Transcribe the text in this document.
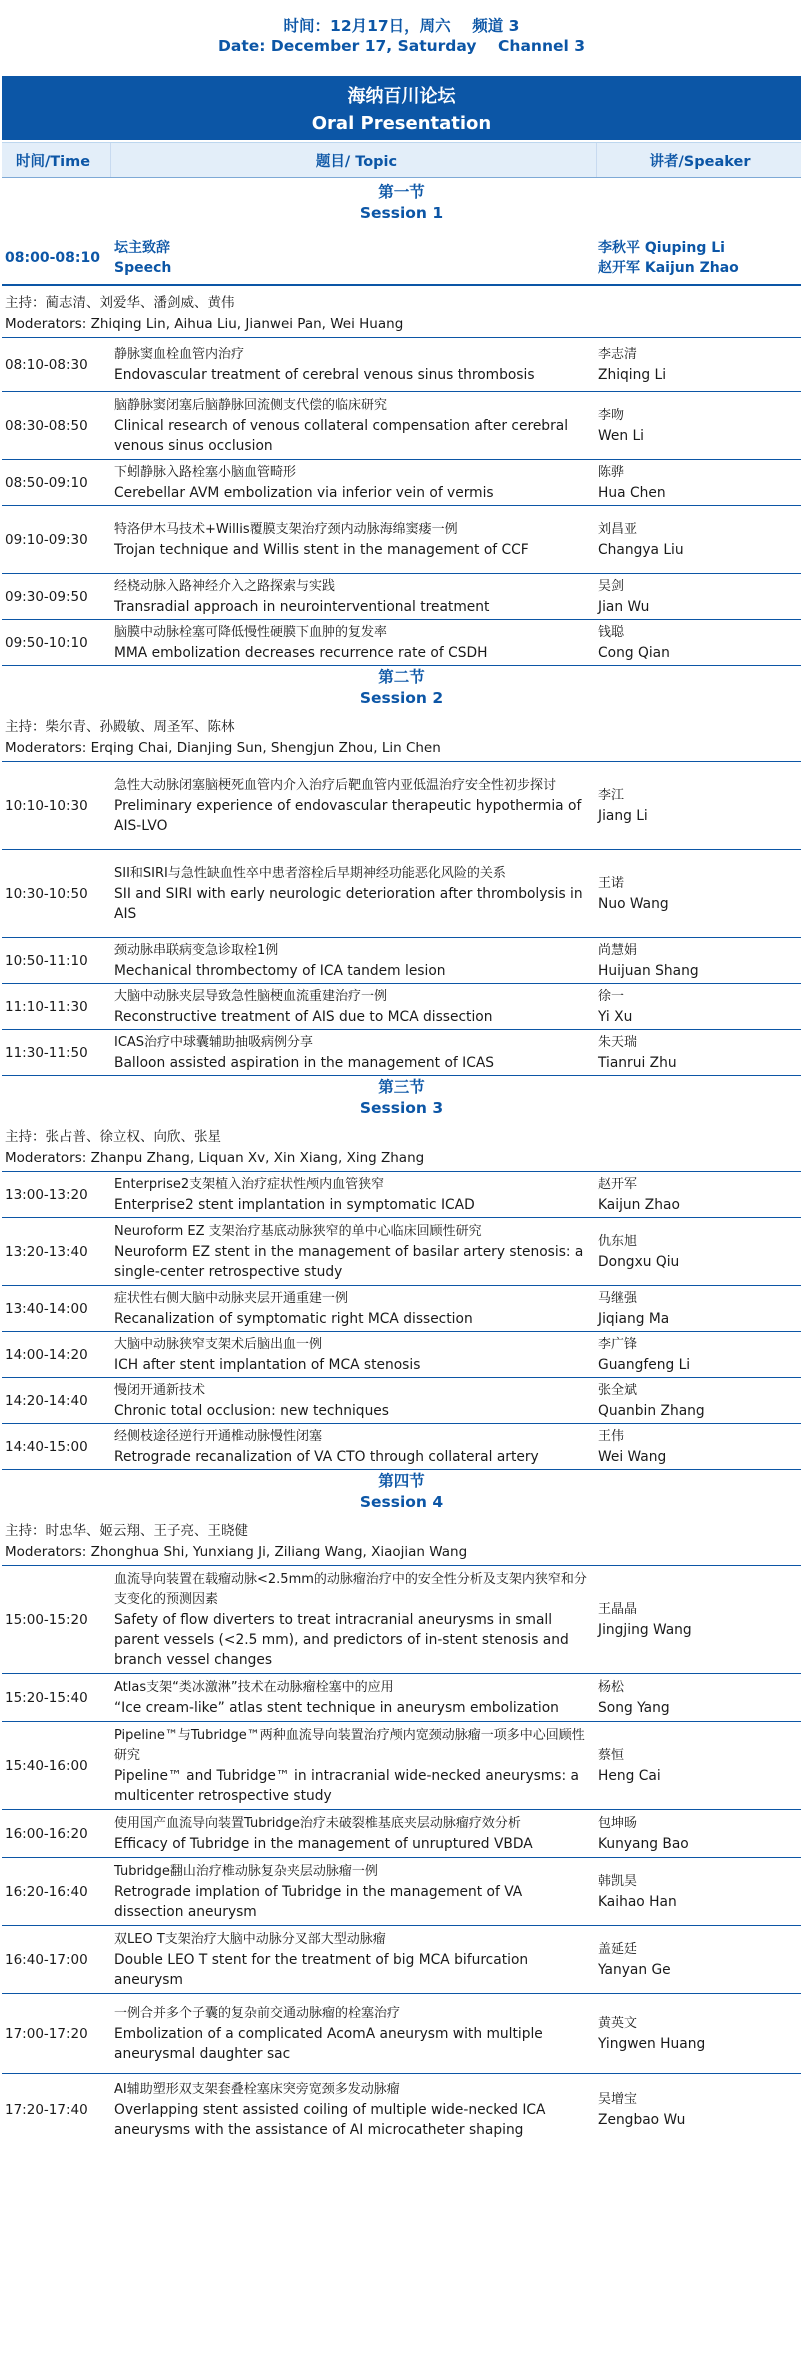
时间：12月17日，周六    频道 3
Date: December 17, Saturday    Channel 3
海纳百川论坛
Oral Presentation
时间/Time	题目/ Topic	讲者/Speaker
第一节
Session 1
08:00-08:10
坛主致辞
Speech
李秋平 Qiuping Li
赵开军 Kaijun Zhao
主持：蔺志清、刘爱华、潘剑威、黄伟
Moderators: Zhiqing Lin, Aihua Liu, Jianwei Pan, Wei Huang
08:10-08:30
静脉窦血栓血管内治疗
Endovascular treatment of cerebral venous sinus thrombosis
李志清
Zhiqing Li
08:30-08:50
脑静脉窦闭塞后脑静脉回流侧支代偿的临床研究
Clinical research of venous collateral compensation after cerebral venous sinus occlusion
李吻
Wen Li
08:50-09:10
下蚓静脉入路栓塞小脑血管畸形
Cerebellar AVM embolization via inferior vein of vermis
陈骅
Hua Chen
09:10-09:30
特洛伊木马技术+Willis覆膜支架治疗颈内动脉海绵窦瘘一例
Trojan technique and Willis stent in the management of CCF
刘昌亚
Changya Liu
09:30-09:50
经桡动脉入路神经介入之路探索与实践
Transradial approach in neurointerventional treatment
吴剑
Jian Wu
09:50-10:10
脑膜中动脉栓塞可降低慢性硬膜下血肿的复发率
MMA embolization decreases recurrence rate of CSDH
钱聪
Cong Qian
第二节
Session 2
主持：柴尔青、孙殿敏、周圣军、陈林
Moderators: Erqing Chai, Dianjing Sun, Shengjun Zhou, Lin Chen
10:10-10:30
急性大动脉闭塞脑梗死血管内介入治疗后靶血管内亚低温治疗安全性初步探讨
Preliminary experience of endovascular therapeutic hypothermia of AIS-LVO
李江
Jiang Li
10:30-10:50
SII和SIRI与急性缺血性卒中患者溶栓后早期神经功能恶化风险的关系
SII and SIRI with early neurologic deterioration after thrombolysis in AIS
王诺
Nuo Wang
10:50-11:10
颈动脉串联病变急诊取栓1例
Mechanical thrombectomy of ICA tandem lesion
尚慧娟
Huijuan Shang
11:10-11:30
大脑中动脉夹层导致急性脑梗血流重建治疗一例
Reconstructive treatment of AIS due to MCA dissection
徐一
Yi Xu
11:30-11:50
ICAS治疗中球囊辅助抽吸病例分享
Balloon assisted aspiration in the management of ICAS
朱天瑞
Tianrui Zhu
第三节
Session 3
主持：张占普、徐立权、向欣、张星
Moderators: Zhanpu Zhang, Liquan Xv, Xin Xiang, Xing Zhang
13:00-13:20
Enterprise2支架植入治疗症状性颅内血管狭窄
Enterprise2 stent implantation in symptomatic ICAD
赵开军
Kaijun Zhao
13:20-13:40
Neuroform EZ 支架治疗基底动脉狭窄的单中心临床回顾性研究
Neuroform EZ stent in the management of basilar artery stenosis: a single-center retrospective study
仇东旭
Dongxu Qiu
13:40-14:00
症状性右侧大脑中动脉夹层开通重建一例
Recanalization of symptomatic right MCA dissection
马继强
Jiqiang Ma
14:00-14:20
大脑中动脉狭窄支架术后脑出血一例
ICH after stent implantation of MCA stenosis
李广锋
Guangfeng Li
14:20-14:40
慢闭开通新技术
Chronic total occlusion: new techniques
张全斌
Quanbin Zhang
14:40-15:00
经侧枝途径逆行开通椎动脉慢性闭塞
Retrograde recanalization of VA CTO through collateral artery
王伟
Wei Wang
第四节
Session 4
主持：时忠华、姬云翔、王子亮、王晓健
Moderators: Zhonghua Shi, Yunxiang Ji, Ziliang Wang, Xiaojian Wang
15:00-15:20
血流导向装置在载瘤动脉<2.5mm的动脉瘤治疗中的安全性分析及支架内狭窄和分支变化的预测因素
Safety of flow diverters to treat intracranial aneurysms in small parent vessels (<2.5 mm), and predictors of in-stent stenosis and branch vessel changes
王晶晶
Jingjing Wang
15:20-15:40
Atlas支架“类冰激淋”技术在动脉瘤栓塞中的应用
“Ice cream-like” atlas stent technique in aneurysm embolization
杨松
Song Yang
15:40-16:00
Pipeline™与Tubridge™两种血流导向装置治疗颅内宽颈动脉瘤一项多中心回顾性研究
Pipeline™ and Tubridge™ in intracranial wide-necked aneurysms: a multicenter retrospective study
蔡恒
Heng Cai
16:00-16:20
使用国产血流导向装置Tubridge治疗未破裂椎基底夹层动脉瘤疗效分析
Efficacy of Tubridge in the management of unruptured VBDA
包坤旸
Kunyang Bao
16:20-16:40
Tubridge翻山治疗椎动脉复杂夹层动脉瘤一例
Retrograde implation of Tubridge in the management of VA dissection aneurysm
韩凯昊
Kaihao Han
16:40-17:00
双LEO T支架治疗大脑中动脉分叉部大型动脉瘤
Double LEO T stent for the treatment of big MCA bifurcation aneurysm
盖延廷
Yanyan Ge
17:00-17:20
一例合并多个子囊的复杂前交通动脉瘤的栓塞治疗
Embolization of a complicated AcomA aneurysm with multiple aneurysmal daughter sac
黄英文
Yingwen Huang
17:20-17:40
AI辅助塑形双支架套叠栓塞床突旁宽颈多发动脉瘤
Overlapping stent assisted coiling of multiple wide-necked ICA aneurysms with the assistance of AI microcatheter shaping
吴增宝
Zengbao Wu
